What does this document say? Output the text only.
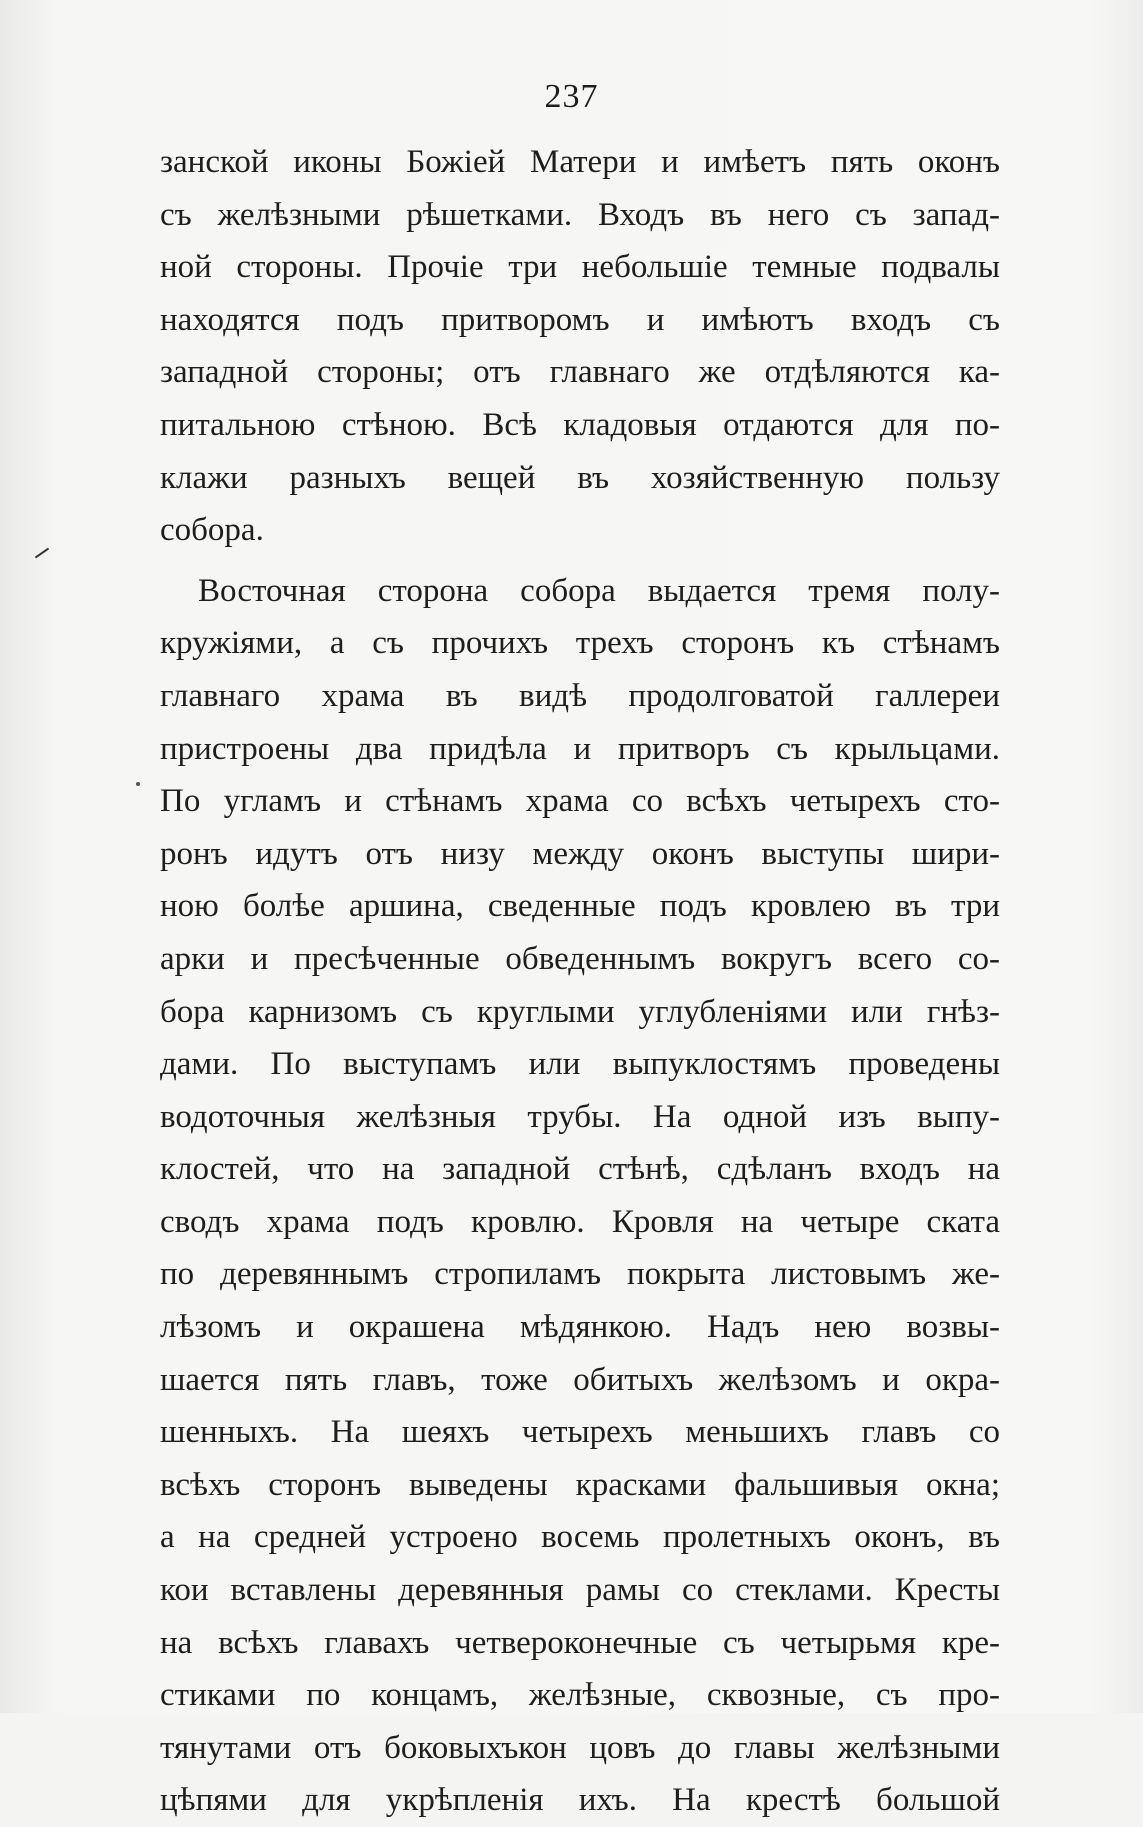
237
занской иконы Божіей Матери и имѣетъ пять оконъ
съ желѣзными рѣшетками. Входъ въ него съ запад-
ной стороны. Прочіе три небольшіе темные подвалы
находятся подъ притворомъ и имѣютъ входъ съ
западной стороны; отъ главнаго же отдѣляются ка-
питальною стѣною. Всѣ кладовыя отдаются для по-
клажи разныхъ вещей въ хозяйственную пользу
собора.
Восточная сторона собора выдается тремя полу-
кружіями, а съ прочихъ трехъ сторонъ къ стѣнамъ
главнаго храма въ видѣ продолговатой галлереи
пристроены два придѣла и притворъ съ крыльцами.
По угламъ и стѣнамъ храма со всѣхъ четырехъ сто-
ронъ идутъ отъ низу между оконъ выступы шири-
ною болѣе аршина, сведенные подъ кровлею въ три
арки и пресѣченные обведеннымъ вокругъ всего со-
бора карнизомъ съ круглыми углубленіями или гнѣз-
дами. По выступамъ или выпуклостямъ проведены
водоточныя желѣзныя трубы. На одной изъ выпу-
клостей, что на западной стѣнѣ, сдѣланъ входъ на
сводъ храма подъ кровлю. Кровля на четыре ската
по деревяннымъ стропиламъ покрыта листовымъ же-
лѣзомъ и окрашена мѣдянкою. Надъ нею возвы-
шается пять главъ, тоже обитыхъ желѣзомъ и окра-
шенныхъ. На шеяхъ четырехъ меньшихъ главъ со
всѣхъ сторонъ выведены красками фальшивыя окна;
а на средней устроено восемь пролетныхъ оконъ, въ
кои вставлены деревянныя рамы со стеклами. Кресты
на всѣхъ главахъ четвероконечные съ четырьмя кре-
стиками по концамъ, желѣзные, сквозные, съ про-
тянутами отъ боковыхъкон цовъ до главы желѣзными
цѣпями для укрѣпленія ихъ. На крестѣ большой
